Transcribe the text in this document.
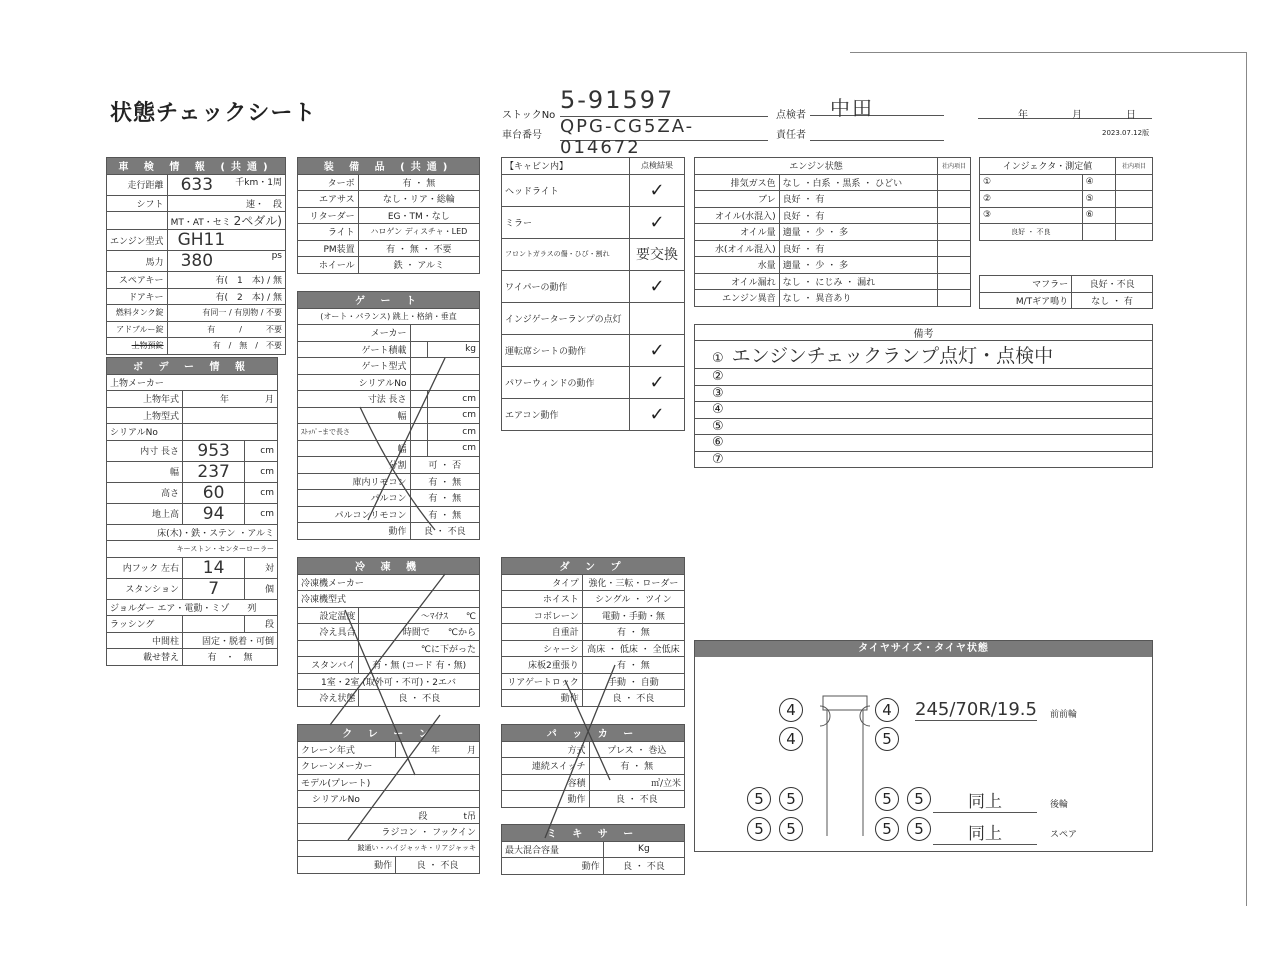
状態チェックシート	ストックNo
5-91597
車台番号 QPG-CG5ZA-014672
点検者	中田
責任者
年	月	日
2023.07.12版
車 検 情 報 (共通)	
走行距離	633 千km・1周

シフト	速・　段
	MT・AT・セミ 2ペダル)
エンジン型式	GH11
馬力	380 ps

スペアキー	有(　1　本) / 無
ドアキー	有(　2　本) / 無
燃料タンク錠	有同一 / 有別物 / 不要
アドブルー錠	有　　　/　　　不要
上物預錠	有　/　無　/　不要
ボ デ ー 情 報		
上物メーカー		
上物年式	年　　　　月	
上物型式		
シリアルNo		
内寸 長さ	953	cm
幅	237	cm
高さ	60	cm
地上高	94	cm
床(木)・鉄・ステン ・アルミ		
キーストン・センターローラー		
内フック 左右	14	対
スタンション	7	個
ジョルダー エア・電動・ミゾ　　列		
ラッシング		段
中間柱	固定・脱着・可倒	
載せ替え	有　・　無	
装 備 品 (共通)	
ターボ	有 ・ 無
エアサス	なし・リア・総輪
リターダー	EG・TM・なし
ライト	ハロゲン ディスチャ・LED
PM装置	有 ・ 無 ・ 不要
ホイール	鉄 ・ アルミ
ゲ ー ト		
(オート・パランス) 跳上・格納・垂直		
メーカー		
ゲート積載		kg
ゲート型式		
シリアルNo		
寸法 長さ		cm
幅		cm
ｽﾄｯﾊﾟｰまで長さ		cm
幅		cm
分割	可 ・ 否	
庫内リモコン	有 ・ 無	
パルコン	有 ・ 無	
パルコンリモコン	有 ・ 無	
動作	良 ・ 不良	
冷 凍 機	
冷凍機メーカー	
冷凍機型式	
設定温度	～ﾏｲﾅｽ　　℃
冷え具合	時間で　　℃から
	℃に下がった
スタンバイ	有・無 (コード 有・無)
1室・2室 (取外可・不可)・2エバ	
冷え状態	良 ・ 不良
ク レ ー ン	
クレーン年式	年　　　月
クレーンメーカー	
モデル(プレート)	
シリアルNo	
段　　　　t吊	
ラジコン ・ フックイン	
跛通い・ハイジャッキ・リアジャッキ	
動作	良 ・ 不良
【キャビン内】	点検結果
ヘッドライト	✓
ミラー	✓
フロントガラスの傷・ひび・割れ	要交換
ワイパーの動作	✓
インジゲーターランプの点灯	
運転席シートの動作	✓
パワーウィンドの動作	✓
エアコン動作	✓
ダ ン プ	
タイプ	強化・三転・ローダー
ホイスト	シングル ・ ツイン
コボレーン	電動・手動・無
自重計	有 ・ 無
シャーシ	高床 ・ 低床 ・ 全低床
床板2重張り	有 ・ 無
リアゲートロック	手動 ・ 自動
動作	良 ・ 不良
パ ッ カ ー	
方式	プレス ・ 巻込
連続スイッチ	有 ・ 無
容積	㎥/立米
動作	良 ・ 不良
ミ キ サ ー	
最大混合容量	Kg
動作	良 ・ 不良
エンジン状態		社内項目
排気ガス色	なし ・白系 ・黒系 ・ ひどい	
ブレ	良好 ・ 有	
オイル(水混入)	良好 ・ 有	
オイル量	適量 ・ 少 ・ 多	
水(オイル混入)	良好 ・ 有	
水量	適量 ・ 少 ・ 多	
オイル漏れ	なし ・ にじみ ・ 漏れ	
エンジン異音	なし ・ 異音あり	
インジェクタ・測定値		社内項目
①	④	
②	⑤	
③	⑥	
良好 ・ 不良		
マフラー	良好・不良
M/Tギア鳴り	なし ・ 有
備考
① エンジンチェックランプ点灯・点検中
②
③
④
⑤
⑥
⑦
タイヤサイズ・タイヤ状態
4
4
4
5
5	5
5	5
5	5
5	5
245/70R/19.5 前前輪
同上	後輪
同上	スペア
